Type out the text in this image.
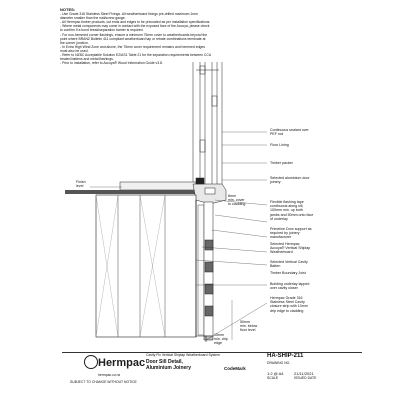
NOTES:
- Use Grade 316 Stainless Steel Fixings. All weatherboard fixings pre-drilled maximum 1mm
diameter smaller than the nail/screw gauge.
- All Hermpac timber products, cut ends and edges to be precoated as per installation specifications.
- Where metal components may come in contact with the exposed face of the Accoya, please check
to confirm if a bond break/separation barrier is required.
- For non-hemmed corner flashings, ensure a minimum 75mm cover to weatherboards beyond the
point where BRANZ Bulletin 411 compliant weatherboard tap or rebate combinations terminate at
the corner junction.
- In Extra High Wind Zone and above, the 75mm cover requirement remains and hemmed edges
must also be used.
- Refer to NZBC Acceptable Solution E2/AS1 Table 21 for the separation requirements between CCA
treated battens and metal flashings.
- Prior to installation, refer to Accoya® Wood Information Guide v3.8.
Continuous sealant over
PEF rod
Floor Lining
Timber packer
Selected aluminium door
joinery
8mm
min. cover
to cladding
Flexible flashing tape
continuous along sill,
100mm min. up both
jambs and 50mm onto face
of underlay
Primeline Door support as
required by joinery
manufacturer
Selected Hermpac
Accoya® Vertical Shiplap
Weatherboard
Selected Vertical Cavity
Batten
Timber Boundary Joist
Building underlay lapped
over cavity closer
Hermpac Grade 316
Stainless Steel Cavity
closure strip with 10mm
drip edge to cladding
50mm
min. below
floor level
15mm
min. drip
edge
Finish
level
Hermpac
hermpac.co.nz
SUBJECT TO CHANGE WITHOUT NOTICE
Cavity Fix Vertical Shiplap Weatherboard System
Door Sill Detail,
Aluminium Joinery	CodeMark
HA-SHIP-211
DRAWING NO.
1:2 @ A4
SCALE
21/11/2021
ISSUED DATE
